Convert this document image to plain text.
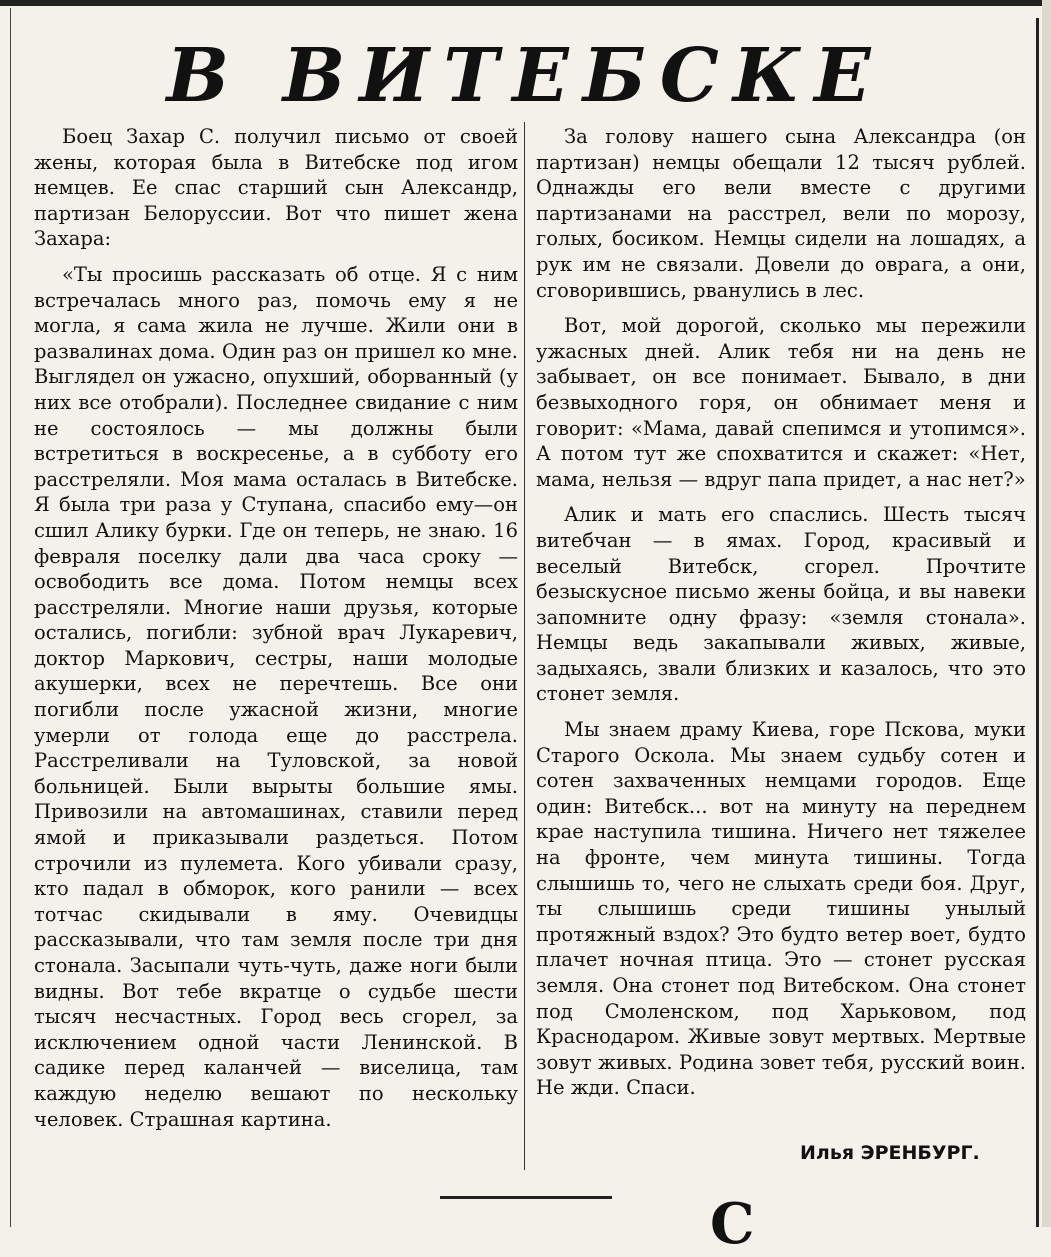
В ВИТЕБСКЕ

Боец Захар С. получил письмо от своей жены, которая была в Витебске под игом немцев. Ее спас старший сын Александр, партизан Белоруссии. Вот что пишет жена Захара:

«Ты просишь рассказать об отце. Я с ним встречалась много раз, помочь ему я не могла, я сама жила не лучше. Жили они в развалинах дома. Один раз он пришел ко мне. Выглядел он ужасно, опухший, оборванный (у них все отобрали). Последнее свидание с ним не состоялось — мы должны были встретиться в воскресенье, а в субботу его расстреляли. Моя мама осталась в Витебске. Я была три раза у Ступана, спасибо ему—он сшил Алику бурки. Где он теперь, не знаю. 16 февраля поселку дали два часа сроку — освободить все дома. Потом немцы всех расстреляли. Многие наши друзья, которые остались, погибли: зубной врач Лукаревич, доктор Маркович, сестры, наши молодые акушерки, всех не перечтешь. Все они погибли после ужасной жизни, многие умерли от голода еще до расстрела. Расстреливали на Туловской, за новой больницей. Были вырыты большие ямы. Привозили на автомашинах, ставили перед ямой и приказывали раздеться. Потом строчили из пулемета. Кого убивали сразу, кто падал в обморок, кого ранили — всех тотчас скидывали в яму. Очевидцы рассказывали, что там земля после три дня стонала. Засыпали чуть-чуть, даже ноги были видны. Вот тебе вкратце о судьбе шести тысяч несчастных. Город весь сгорел, за исключением одной части Ленинской. В садике перед каланчей — виселица, там каждую неделю вешают по нескольку человек. Страшная картина.

За голову нашего сына Александра (он партизан) немцы обещали 12 тысяч рублей. Однажды его вели вместе с другими партизанами на расстрел, вели по морозу, голых, босиком. Немцы сидели на лошадях, а рук им не связали. Довели до оврага, а они, сговорившись, рванулись в лес.

Вот, мой дорогой, сколько мы пережили ужасных дней. Алик тебя ни на день не забывает, он все понимает. Бывало, в дни безвыходного горя, он обнимает меня и говорит: «Мама, давай спепимся и утопимся». А потом тут же спохватится и скажет: «Нет, мама, нельзя — вдруг папа придет, а нас нет?»

Алик и мать его спаслись. Шесть тысяч витебчан — в ямах. Город, красивый и веселый Витебск, сгорел. Прочтите безыскусное письмо жены бойца, и вы навеки запомните одну фразу: «земля стонала». Немцы ведь закапывали живых, живые, задыхаясь, звали близких и казалось, что это стонет земля.

Мы знаем драму Киева, горе Пскова, муки Старого Оскола. Мы знаем судьбу сотен и сотен захваченных немцами городов. Еще один: Витебск... вот на минуту на переднем крае наступила тишина. Ничего нет тяжелее на фронте, чем минута тишины. Тогда слышишь то, чего не слыхать среди боя. Друг, ты слышишь среди тишины унылый протяжный вздох? Это будто ветер воет, будто плачет ночная птица. Это — стонет русская земля. Она стонет под Витебском. Она стонет под Смоленском, под Харьковом, под Краснодаром. Живые зовут мертвых. Мертвые зовут живых. Родина зовет тебя, русский воин. Не жди. Спаси.

Илья ЭРЕНБУРГ.
С
